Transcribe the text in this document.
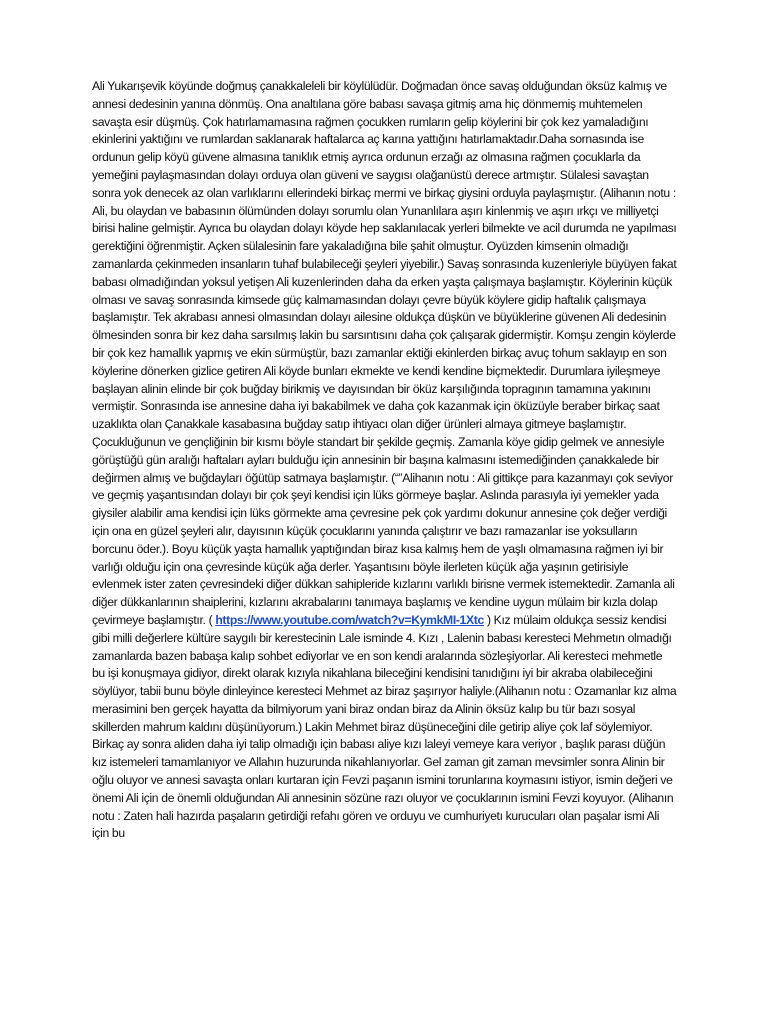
Ali Yukarışevik köyünde doğmuş çanakkaleleli bir köylülüdür. Doğmadan önce savaş olduğundan öksüz kalmış ve annesi dedesinin yanına dönmüş. Ona analtılana göre babası savaşa gitmiş ama hiç dönmemiş muhtemelen savaşta esir düşmüş. Çok hatırlamamasına rağmen çocukken rumların gelip köylerini bir çok kez yamaladığını ekinlerini yaktığını ve rumlardan saklanarak haftalarca aç karına yattığını hatırlamaktadır.Daha sornasında ise ordunun gelip köyü güvene almasına tanıklık etmiş ayrıca ordunun erzağı az olmasına rağmen çocuklarla da yemeğini paylaşmasından dolayı orduya olan güveni ve saygısı olağanüstü derece artmıştır. Sülalesi savaştan sonra yok denecek az olan varlıklarını ellerindeki birkaç mermi ve birkaç giysini orduyla paylaşmıştır. (Alihanın notu : Ali, bu olaydan ve babasının ölümünden dolayı sorumlu olan Yunanlılara aşırı kinlenmiş ve aşırı ırkçı ve milliyetçi birisi haline gelmiştir. Ayrıca bu olaydan dolayı köyde hep saklanılacak yerleri bilmekte ve acil durumda ne yapılması gerektiğini öğrenmiştir. Açken sülalesinin fare yakaladığına bile şahit olmuştur. Oyüzden kimsenin olmadığı zamanlarda çekinmeden insanların tuhaf bulabileceği şeyleri yiyebilir.) Savaş sonrasında kuzenleriyle büyüyen fakat babası olmadığından yoksul yetişen Ali kuzenlerinden daha da erken yaşta çalışmaya başlamıştır. Köylerinin küçük olması ve savaş sonrasında kimsede güç kalmamasından dolayı çevre büyük köylere gidip haftalık çalışmaya başlamıştır. Tek akrabası annesi olmasından dolayı ailesine oldukça düşkün ve büyüklerine güvenen Ali dedesinin ölmesinden sonra bir kez daha sarsılmış lakin bu sarsıntısını daha çok çalışarak gidermiştir. Komşu zengin köylerde bir çok kez hamallık yapmış ve ekin sürmüştür, bazı zamanlar ektiği ekinlerden birkaç avuç tohum saklayıp en son köylerine dönerken gizlice getiren Ali köyde bunları ekmekte ve kendi kendine biçmektedir. Durumlara iyileşmeye başlayan alinin elinde bir çok buğday birikmiş ve dayısından bir öküz karşılığında topragının tamamına yakınını vermiştir. Sonrasında ise annesine daha iyi bakabilmek ve daha çok kazanmak için öküzüyle beraber birkaç saat uzaklıkta olan Çanakkale kasabasına buğday satıp ihtiyacı olan diğer ürünleri almaya gitmeye başlamıştır. Çocukluğunun ve gençliğinin bir kısmı böyle standart bir şekilde geçmiş. Zamanla köye gidip gelmek ve annesiyle görüştüğü gün aralığı haftaları ayları bulduğu için annesinin bir başına kalmasını istemediğinden çanakkalede bir değirmen almış ve buğdayları öğütüp satmaya başlamıştır. (“”Alihanın notu : Ali gittikçe para kazanmayı çok seviyor ve geçmiş yaşantısından dolayı bir çok şeyi kendisi için lüks görmeye başlar. Aslında parasıyla iyi yemekler yada giysiler alabilir ama kendisi için lüks görmekte ama çevresine pek çok yardımı dokunur annesine çok değer verdiği için ona en güzel şeyleri alır, dayısının küçük çocuklarını yanında çalıştırır ve bazı ramazanlar ise yoksulların borcunu öder.). Boyu küçük yaşta hamallık yaptığından biraz kısa kalmış hem de yaşlı olmamasına rağmen iyi bir varlığı olduğu için ona çevresinde küçük ağa derler. Yaşantısını böyle ilerleten küçük ağa yaşının getirisiyle evlenmek ister zaten çevresindeki diğer dükkan sahipleride kızlarını varlıklı birisne vermek istemektedir. Zamanla ali diğer dükkanlarının shaiplerini, kızlarını akrabalarını tanımaya başlamış ve kendine uygun mülaim bir kızla dolap çevirmeye başlamıştır. ( https://www.youtube.com/watch?v=KymkMI-1Xtc ) Kız mülaim oldukça sessiz kendisi gibi milli değerlere kültüre saygılı bir kerestecinin Lale isminde 4. Kızı , Lalenin babası keresteci Mehmetın olmadığı zamanlarda bazen babaşa kalıp sohbet ediyorlar ve en son kendi aralarında sözleşiyorlar. Ali keresteci mehmetle bu işi konuşmaya gidiyor, direkt olarak kızıyla nikahlana bileceğini kendisini tanıdığını iyi bir akraba olabileceğini söylüyor, tabii bunu böyle dinleyince keresteci Mehmet az biraz şaşırıyor haliyle.(Alihanın notu : Ozamanlar kız alma merasimini ben gerçek hayatta da bilmiyorum yani biraz ondan biraz da Alinin öksüz kalıp bu tür bazı sosyal skillerden mahrum kaldını düşünüyorum.) Lakin Mehmet biraz düşüneceğini dile getirip aliye çok laf söylemiyor. Birkaç ay sonra aliden daha iyi talip olmadığı için babası aliye kızı laleyi vemeye kara veriyor , başlık parası düğün kız istemeleri tamamlanıyor ve Allahın huzurunda nikahlanıyorlar. Gel zaman git zaman mevsimler sonra Alinin bir oğlu oluyor ve annesi savaşta onları kurtaran için Fevzi paşanın ismini torunlarına koymasını istiyor, ismin değeri ve önemi Ali için de önemli olduğundan Ali annesinin sözüne razı oluyor ve çocuklarının ismini Fevzi koyuyor. (Alihanın notu : Zaten hali hazırda paşaların getirdiği refahı gören ve orduyu ve cumhuriyetı kurucuları olan paşalar ismi Ali için bu
